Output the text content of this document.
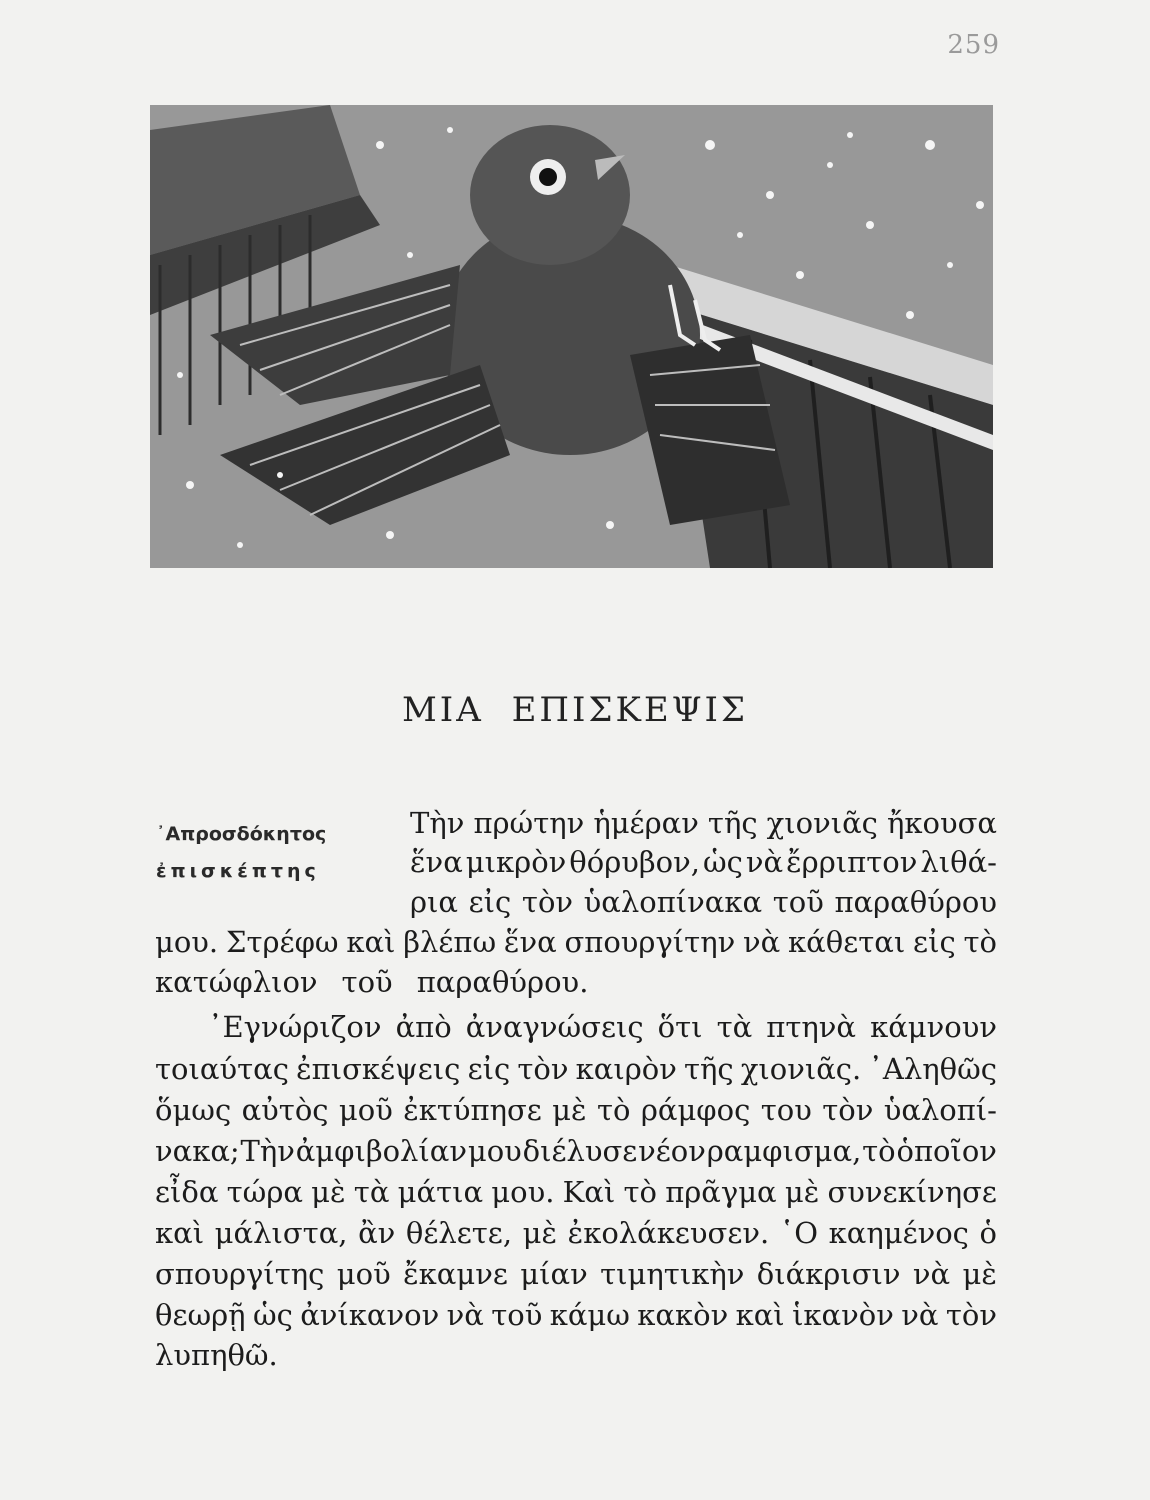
259
ΜΙΑ ΕΠΙΣΚΕΨΙΣ
᾿Απροσδόκητος
ἐπισκέπτης
Τὴν πρώτην ἡμέραν τῆς χιονιᾶς ἤκουσα
ἕνα μικρὸν θόρυβον, ὡς νὰ ἔρριπτον λιθά-
ρια εἰς τὸν ὑαλοπίνακα τοῦ παραθύρου
μου. Στρέφω καὶ βλέπω ἕνα σπουργίτην νὰ κάθεται εἰς τὸ
κατώφλιον τοῦ παραθύρου.
᾿Εγνώριζον ἀπὸ ἀναγνώσεις ὅτι τὰ πτηνὰ κάμνουν
τοιαύτας ἐπισκέψεις εἰς τὸν καιρὸν τῆς χιονιᾶς. ᾿Αληθῶς
ὅμως αὐτὸς μοῦ ἐκτύπησε μὲ τὸ ράμφος του τὸν ὑαλοπί-
νακα; Τὴν ἀμφιβολίαν μου διέλυσε νέον ραμφισμα, τὸ ὁποῖον
εἶδα τώρα μὲ τὰ μάτια μου. Καὶ τὸ πρᾶγμα μὲ συνεκίνησε
καὶ μάλιστα, ἂν θέλετε, μὲ ἐκολάκευσεν. ῾Ο καημένος ὁ
σπουργίτης μοῦ ἔκαμνε μίαν τιμητικὴν διάκρισιν νὰ μὲ
θεωρῇ ὡς ἀνίκανον νὰ τοῦ κάμω κακὸν καὶ ἱκανὸν νὰ τὸν
λυπηθῶ.
